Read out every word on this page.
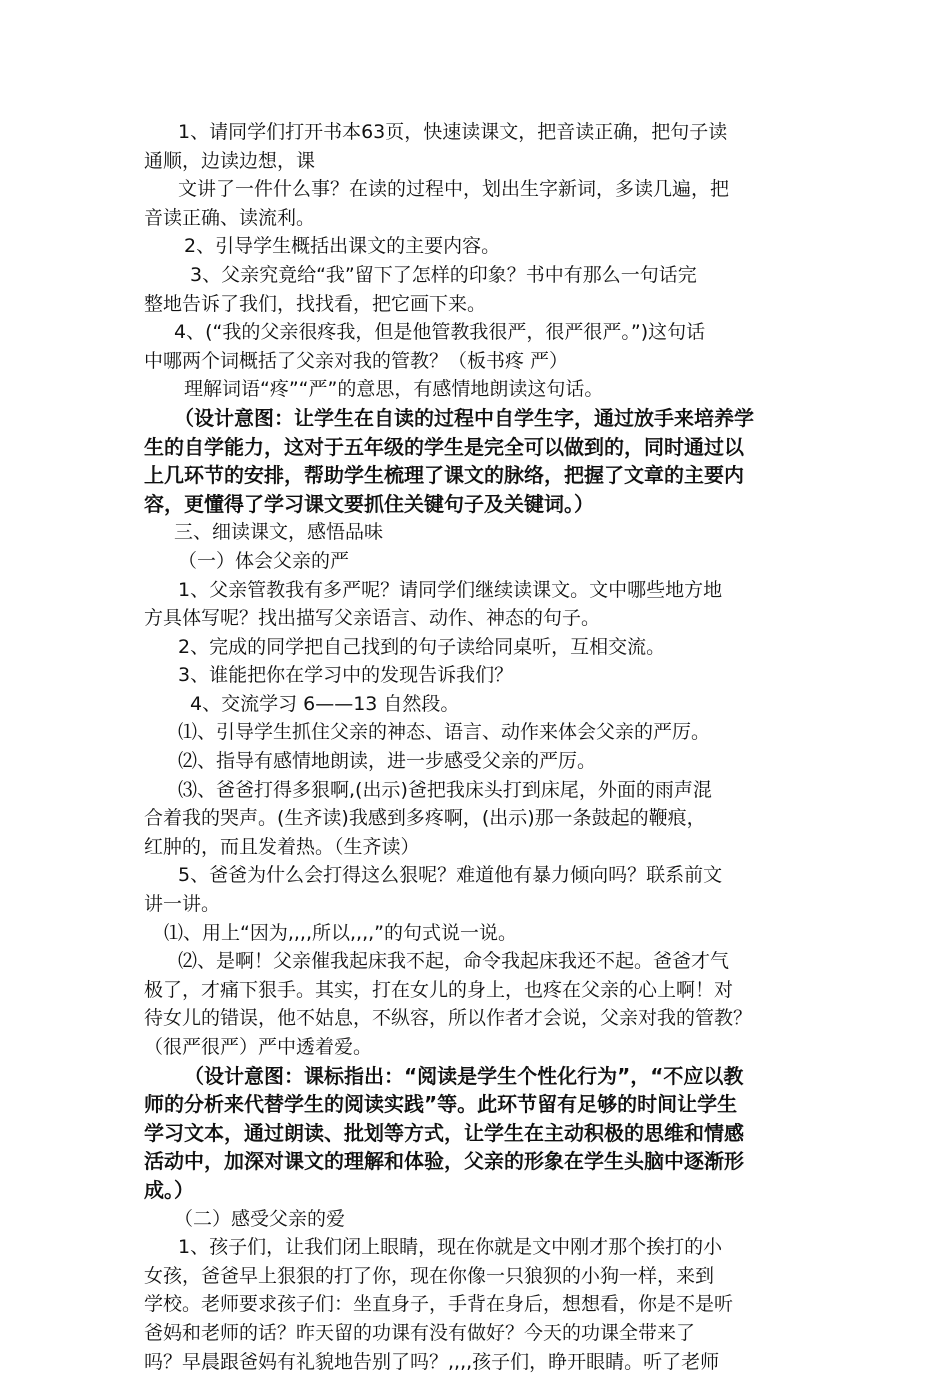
1、请同学们打开书本63页，快速读课文，把音读正确，把句子读
通顺，边读边想，课
文讲了一件什么事？在读的过程中，划出生字新词，多读几遍，把
音读正确、读流利。
2、引导学生概括出课文的主要内容。
3、父亲究竟给“我”留下了怎样的印象？书中有那么一句话完
整地告诉了我们，找找看，把它画下来。
4、(“我的父亲很疼我，但是他管教我很严，很严很严。”)这句话
中哪两个词概括了父亲对我的管教？（板书疼 严）
理解词语“疼”“严”的意思，有感情地朗读这句话。
（设计意图：让学生在自读的过程中自学生字，通过放手来培养学
生的自学能力，这对于五年级的学生是完全可以做到的，同时通过以
上几环节的安排，帮助学生梳理了课文的脉络，把握了文章的主要内
容，更懂得了学习课文要抓住关键句子及关键词。）
三、细读课文，感悟品味
（一）体会父亲的严
1、父亲管教我有多严呢？请同学们继续读课文。文中哪些地方地
方具体写呢？找出描写父亲语言、动作、神态的句子。
2、完成的同学把自己找到的句子读给同桌听，互相交流。
3、谁能把你在学习中的发现告诉我们？
4、交流学习 6——13 自然段。
⑴、引导学生抓住父亲的神态、语言、动作来体会父亲的严厉。
⑵、指导有感情地朗读，进一步感受父亲的严厉。
⑶、爸爸打得多狠啊,(出示)爸把我床头打到床尾，外面的雨声混
合着我的哭声。(生齐读)我感到多疼啊，(出示)那一条鼓起的鞭痕，
红肿的，而且发着热。（生齐读）
5、爸爸为什么会打得这么狠呢？难道他有暴力倾向吗？联系前文
讲一讲。
⑴、用上“因为,,,,所以,,,,”的句式说一说。
⑵、是啊！父亲催我起床我不起，命令我起床我还不起。爸爸才气
极了，才痛下狠手。其实，打在女儿的身上，也疼在父亲的心上啊！对
待女儿的错误，他不姑息，不纵容，所以作者才会说，父亲对我的管教？
（很严很严）严中透着爱。
（设计意图：课标指出：“阅读是学生个性化行为”，“不应以教
师的分析来代替学生的阅读实践”等。此环节留有足够的时间让学生
学习文本，通过朗读、批划等方式，让学生在主动积极的思维和情感
活动中，加深对课文的理解和体验，父亲的形象在学生头脑中逐渐形
成。）
（二）感受父亲的爱
1、孩子们，让我们闭上眼睛，现在你就是文中刚才那个挨打的小
女孩，爸爸早上狠狠的打了你，现在你像一只狼狈的小狗一样，来到
学校。老师要求孩子们：坐直身子，手背在身后，想想看，你是不是听
爸妈和老师的话？昨天留的功课有没有做好？今天的功课全带来了
吗？早晨跟爸妈有礼貌地告别了吗？,,,,孩子们，睁开眼睛。听了老师
